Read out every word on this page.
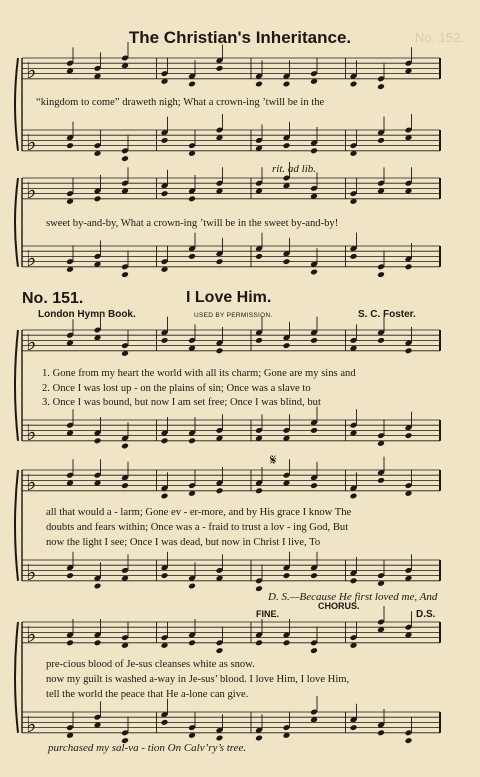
♭
♭
♭
♭
♭
♭
♭
♭
♭
♭
No. 152.
The Christian's Inheritance.
“kingdom to come” draweth nigh; What a crown-ing ’twill be in the
rit. ad lib.
sweet by-and-by, What a crown-ing ’twill be in the sweet by-and-by!
No. 151.	I Love Him.
London Hymn Book.	USED BY PERMISSION.	S. C. Foster.
1. Gone from my heart the world with all its charm; Gone are my sins and
2. Once I was lost up - on the plains of sin; Once was a slave to
3. Once I was bound, but now I am set free; Once I was blind, but
𝄋
all that would a - larm; Gone ev - er-more, and by His grace I know The
doubts and fears within; Once was a - fraid to trust a lov - ing God, But
now the light I see; Once I was dead, but now in Christ I live, To
D. S.—Because He first loved me, And
FINE.
CHORUS.
D.S.
pre-cious blood of Je-sus cleanses white as snow.
now my guilt is washed a-way in Je-sus’ blood. I love Him, I love Him,
tell the world the peace that He a-lone can give.
purchased my sal-va - tion On Calv’ry’s tree.
